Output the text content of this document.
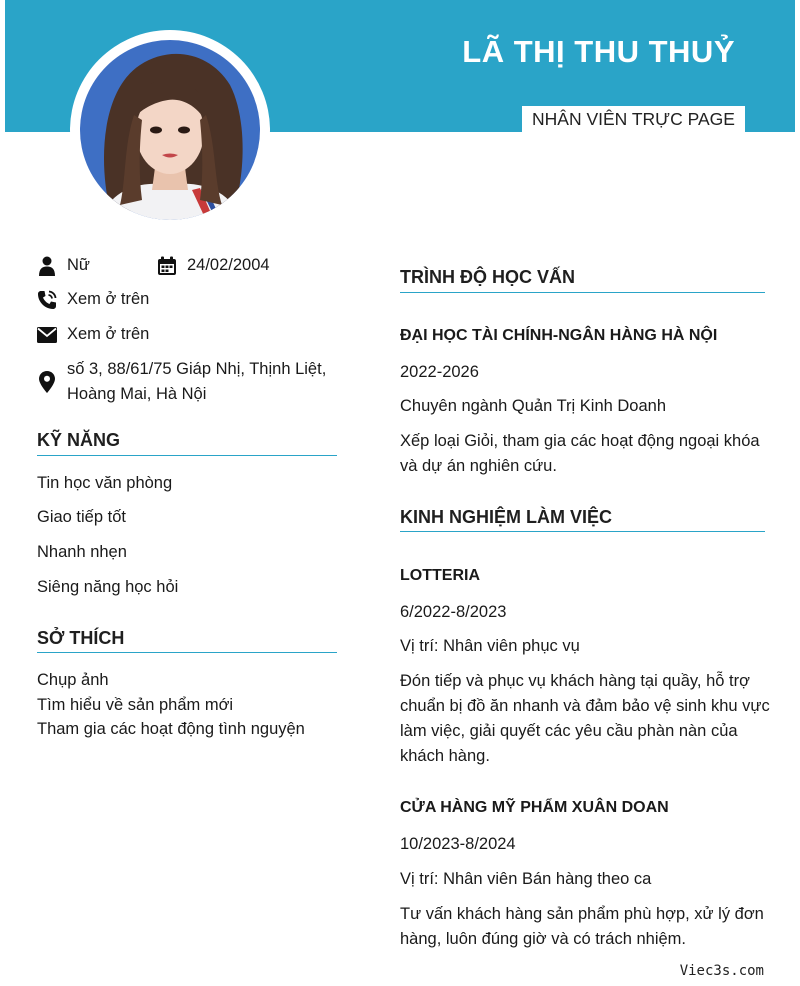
LÃ THỊ THU THUỶ
NHÂN VIÊN TRỰC PAGE
Nữ	24/02/2004
Xem ở trên
Xem ở trên
số 3, 88/61/75 Giáp Nhị, Thịnh Liệt, Hoàng Mai, Hà Nội
KỸ NĂNG
Tin học văn phòng
Giao tiếp tốt
Nhanh nhẹn
Siêng năng học hỏi
SỞ THÍCH
Chụp ảnh
Tìm hiểu về sản phẩm mới
Tham gia các hoạt động tình nguyện
TRÌNH ĐỘ HỌC VẤN
ĐẠI HỌC TÀI CHÍNH-NGÂN HÀNG HÀ NỘI
2022-2026
Chuyên ngành Quản Trị Kinh Doanh
Xếp loại Giỏi, tham gia các hoạt động ngoại khóa và dự án nghiên cứu.
KINH NGHIỆM LÀM VIỆC
LOTTERIA
6/2022-8/2023
Vị trí: Nhân viên phục vụ
Đón tiếp và phục vụ khách hàng tại quầy, hỗ trợ chuẩn bị đồ ăn nhanh và đảm bảo vệ sinh khu vực làm việc, giải quyết các yêu cầu phàn nàn của khách hàng.
CỬA HÀNG MỸ PHẨM XUÂN DOAN
10/2023-8/2024
Vị trí: Nhân viên Bán hàng theo ca
Tư vấn khách hàng sản phẩm phù hợp, xử lý đơn hàng, luôn đúng giờ và có trách nhiệm.
Viec3s.com
